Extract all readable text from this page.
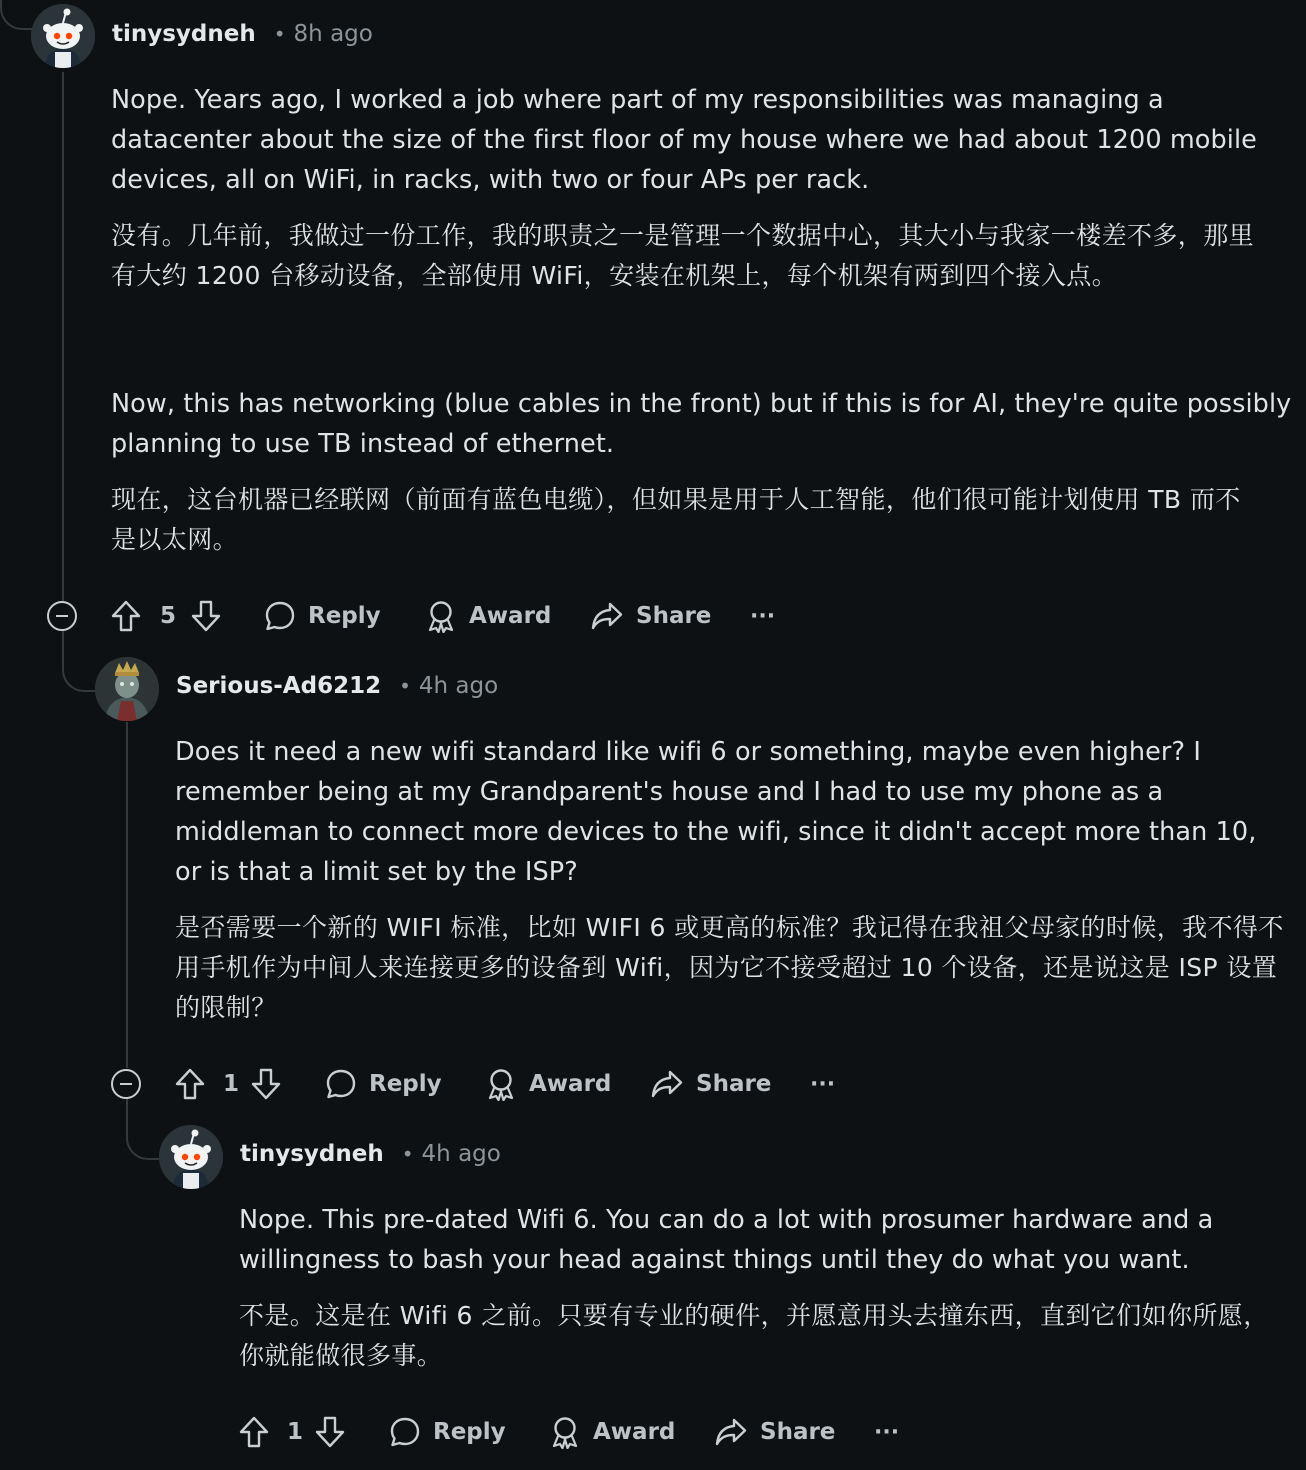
tinysydneh • 8h ago

Nope. Years ago, I worked a job where part of my responsibilities was managing a datacenter about the size of the first floor of my house where we had about 1200 mobile devices, all on WiFi, in racks, with two or four APs per rack.

没有。几年前，我做过一份工作，我的职责之一是管理一个数据中心，其大小与我家一楼差不多，那里有大约 1200 台移动设备，全部使用 WiFi，安装在机架上，每个机架有两到四个接入点。

Now, this has networking (blue cables in the front) but if this is for AI, they're quite possibly planning to use TB instead of ethernet.

现在，这台机器已经联网（前面有蓝色电缆），但如果是用于人工智能，他们很可能计划使用 TB 而不是以太网。

5	Reply	Award	Share ···
Serious-Ad6212 • 4h ago

Does it need a new wifi standard like wifi 6 or something, maybe even higher? I remember being at my Grandparent's house and I had to use my phone as a middleman to connect more devices to the wifi, since it didn't accept more than 10, or is that a limit set by the ISP?

是否需要一个新的 WIFI 标准，比如 WIFI 6 或更高的标准？我记得在我祖父母家的时候，我不得不用手机作为中间人来连接更多的设备到 Wifi，因为它不接受超过 10 个设备，还是说这是 ISP 设置的限制？

1	Reply	Award	Share ···
tinysydneh • 4h ago

Nope. This pre-dated Wifi 6. You can do a lot with prosumer hardware and a willingness to bash your head against things until they do what you want.

不是。这是在 Wifi 6 之前。只要有专业的硬件，并愿意用头去撞东西，直到它们如你所愿，你就能做很多事。

1	Reply	Award	Share ···
